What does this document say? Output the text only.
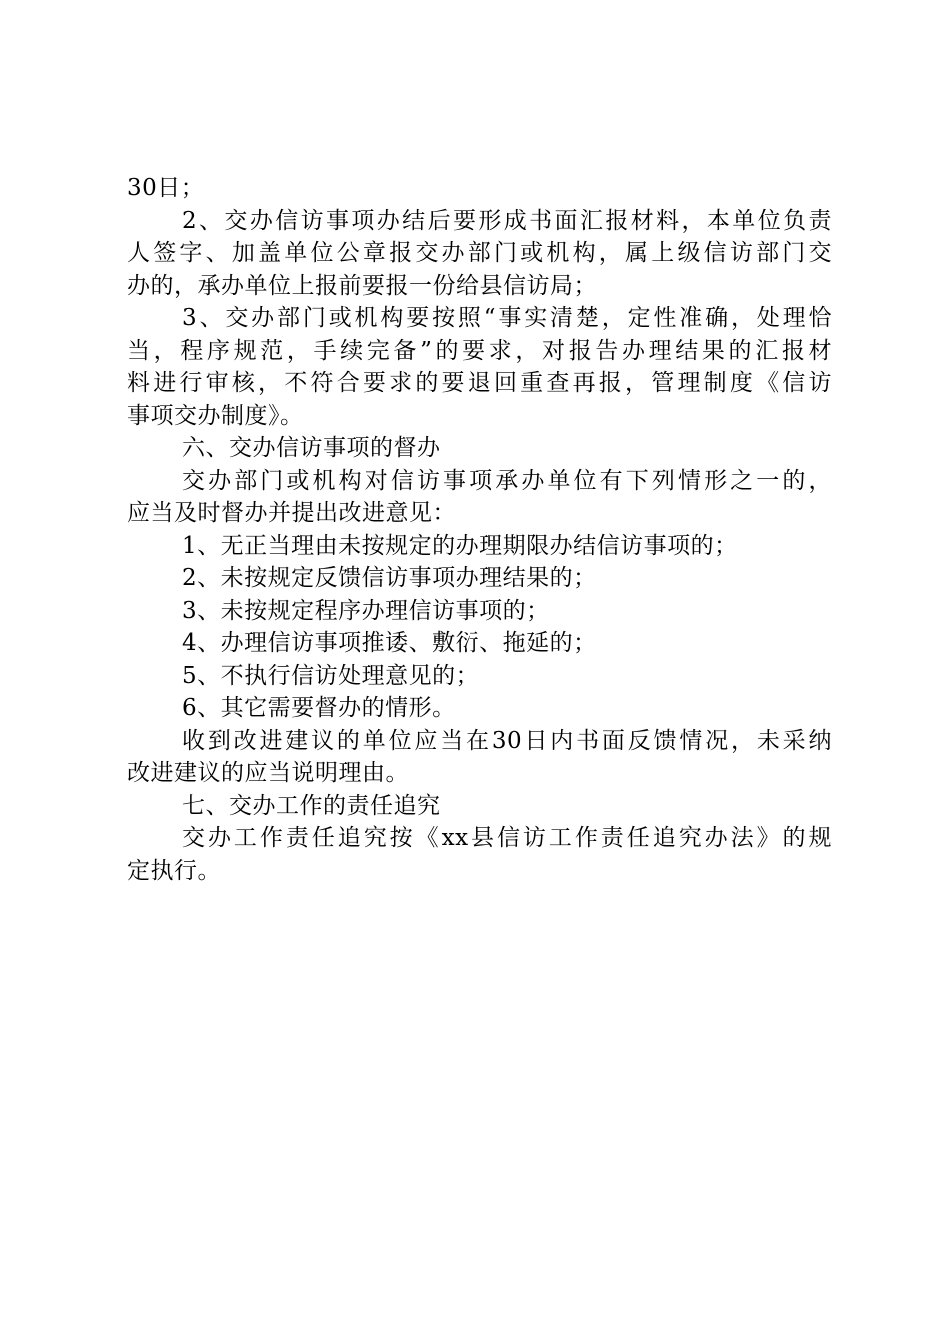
30日；
2、交办信访事项办结后要形成书面汇报材料，本单位负责
人签字、加盖单位公章报交办部门或机构，属上级信访部门交
办的，承办单位上报前要报一份给县信访局；
3、交办部门或机构要按照“事实清楚，定性准确，处理恰
当，程序规范，手续完备”的要求，对报告办理结果的汇报材
料进行审核，不符合要求的要退回重查再报，管理制度《信访
事项交办制度》。
六、交办信访事项的督办
交办部门或机构对信访事项承办单位有下列情形之一的，
应当及时督办并提出改进意见：
1、无正当理由未按规定的办理期限办结信访事项的；
2、未按规定反馈信访事项办理结果的；
3、未按规定程序办理信访事项的；
4、办理信访事项推诿、敷衍、拖延的；
5、不执行信访处理意见的；
6、其它需要督办的情形。
收到改进建议的单位应当在30日内书面反馈情况，未采纳
改进建议的应当说明理由。
七、交办工作的责任追究
交办工作责任追究按《xx县信访工作责任追究办法》的规
定执行。
